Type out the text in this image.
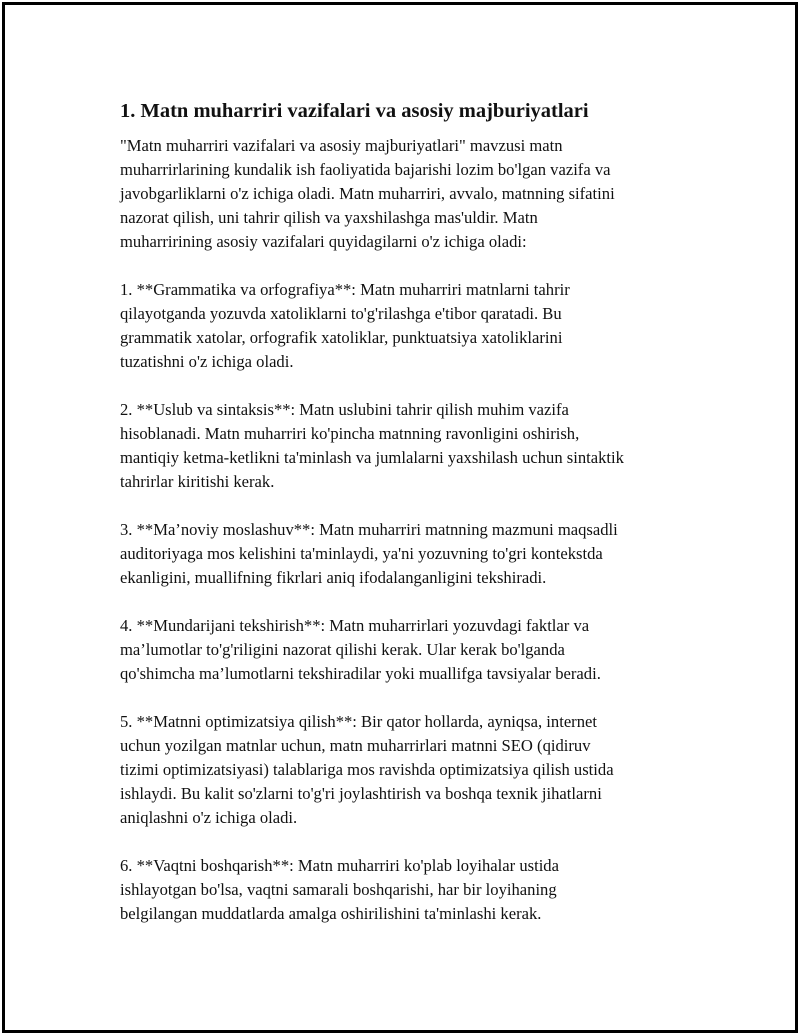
1. Matn muharriri vazifalari va asosiy majburiyatlari

"Matn muharriri vazifalari va asosiy majburiyatlari" mavzusi matn
muharrirlarining kundalik ish faoliyatida bajarishi lozim bo'lgan vazifa va
javobgarliklarni o'z ichiga oladi. Matn muharriri, avvalo, matnning sifatini
nazorat qilish, uni tahrir qilish va yaxshilashga mas'uldir. Matn
muharririning asosiy vazifalari quyidagilarni o'z ichiga oladi:

1. **Grammatika va orfografiya**: Matn muharriri matnlarni tahrir
qilayotganda yozuvda xatoliklarni to'g'rilashga e'tibor qaratadi. Bu
grammatik xatolar, orfografik xatoliklar, punktuatsiya xatoliklarini
tuzatishni o'z ichiga oladi.

2. **Uslub va sintaksis**: Matn uslubini tahrir qilish muhim vazifa
hisoblanadi. Matn muharriri ko'pincha matnning ravonligini oshirish,
mantiqiy ketma-ketlikni ta'minlash va jumlalarni yaxshilash uchun sintaktik
tahrirlar kiritishi kerak.

3. **Ma’noviy moslashuv**: Matn muharriri matnning mazmuni maqsadli
auditoriyaga mos kelishini ta'minlaydi, ya'ni yozuvning to'gri kontekstda
ekanligini, muallifning fikrlari aniq ifodalanganligini tekshiradi.

4. **Mundarijani tekshirish**: Matn muharrirlari yozuvdagi faktlar va
ma’lumotlar to'g'riligini nazorat qilishi kerak. Ular kerak bo'lganda
qo'shimcha ma’lumotlarni tekshiradilar yoki muallifga tavsiyalar beradi.

5. **Matnni optimizatsiya qilish**: Bir qator hollarda, ayniqsa, internet
uchun yozilgan matnlar uchun, matn muharrirlari matnni SEO (qidiruv
tizimi optimizatsiyasi) talablariga mos ravishda optimizatsiya qilish ustida
ishlaydi. Bu kalit so'zlarni to'g'ri joylashtirish va boshqa texnik jihatlarni
aniqlashni o'z ichiga oladi.

6. **Vaqtni boshqarish**: Matn muharriri ko'plab loyihalar ustida
ishlayotgan bo'lsa, vaqtni samarali boshqarishi, har bir loyihaning
belgilangan muddatlarda amalga oshirilishini ta'minlashi kerak.
